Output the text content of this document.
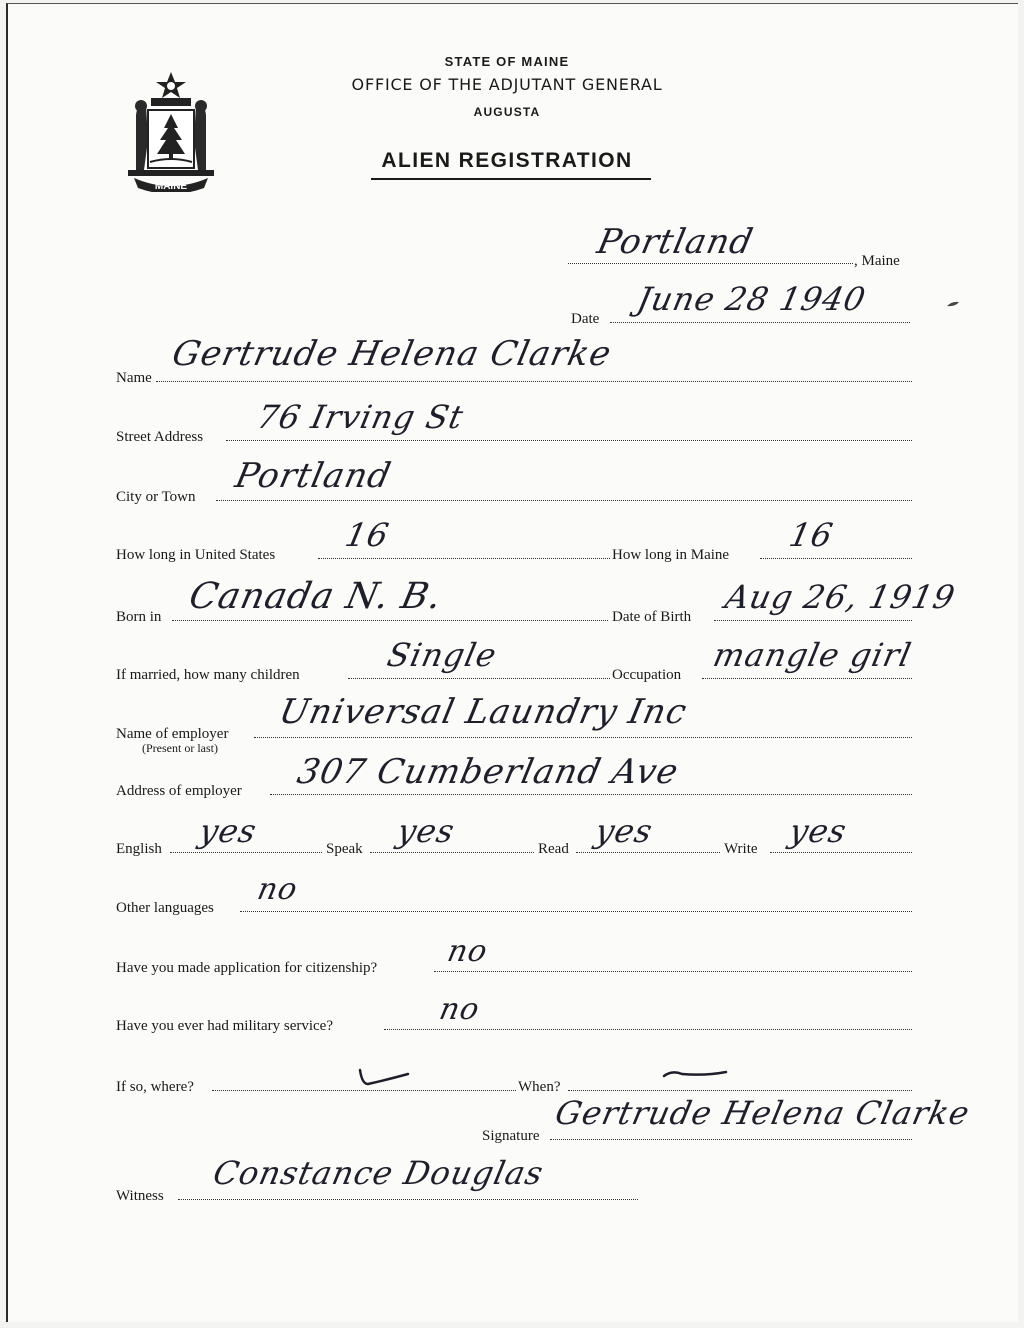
MAINE
STATE OF MAINE
OFFICE OF THE ADJUTANT GENERAL
AUGUSTA
ALIEN REGISTRATION
Portland	, Maine
Date
June 28 1940
Name
Gertrude Helena Clarke
Street Address
76 Irving St
City or Town
Portland
How long in United States
16
How long in Maine
16
Born in Canada N. B.	Date of Birth
Aug 26, 1919
If married, how many children
Single
Occupation
mangle girl
Name of employer
(Present or last)
Universal Laundry Inc
Address of employer 307 Cumberland Ave
English yes	Speak yes	Read yes	Write yes
Other languages
no
Have you made application for citizenship? no
Have you ever had military service?	no
If so, where?	When?
Signature
Gertrude Helena Clarke
Witness
Constance Douglas
